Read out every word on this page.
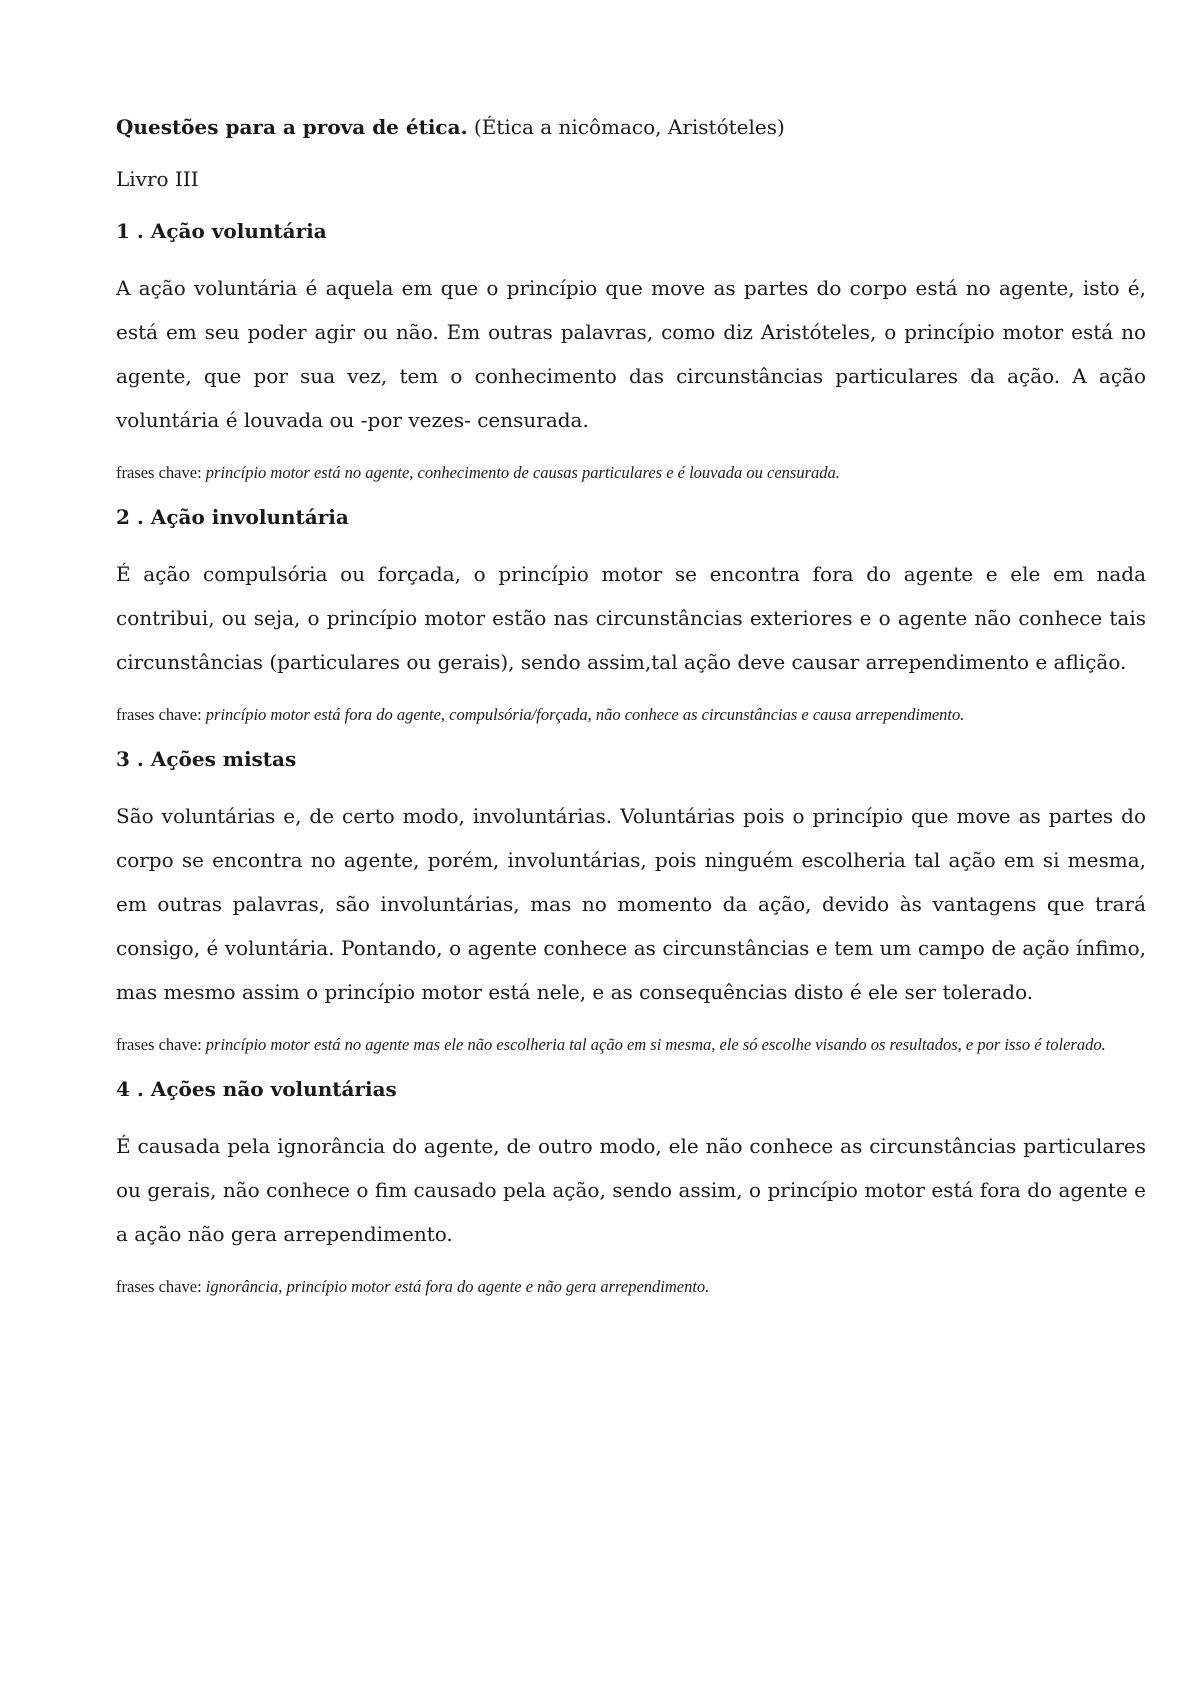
Questões para a prova de ética. (Ética a nicômaco, Aristóteles)

Livro III

1 . Ação voluntária

A ação voluntária é aquela em que o princípio que move as partes do corpo está no agente, isto é, está em seu poder agir ou não. Em outras palavras, como diz Aristóteles, o princípio motor está no agente, que por sua vez, tem o conhecimento das circunstâncias particulares da ação. A ação voluntária é louvada ou -por vezes- censurada.

frases chave: princípio motor está no agente, conhecimento de causas particulares e é louvada ou censurada.

2 . Ação involuntária

É ação compulsória ou forçada, o princípio motor se encontra fora do agente e ele em nada contribui, ou seja, o princípio motor estão nas circunstâncias exteriores e o agente não conhece tais circunstâncias (particulares ou gerais), sendo assim,tal ação deve causar arrependimento e aflição.

frases chave: princípio motor está fora do agente, compulsória/forçada, não conhece as circunstâncias e causa arrependimento.

3 . Ações mistas

São voluntárias e, de certo modo, involuntárias. Voluntárias pois o princípio que move as partes do corpo se encontra no agente, porém, involuntárias, pois ninguém escolheria tal ação em si mesma, em outras palavras, são involuntárias, mas no momento da ação, devido às vantagens que trará consigo, é voluntária. Pontando, o agente conhece as circunstâncias e tem um campo de ação ínfimo, mas mesmo assim o princípio motor está nele, e as consequências disto é ele ser tolerado.

frases chave: princípio motor está no agente mas ele não escolheria tal ação em si mesma, ele só escolhe visando os resultados, e por isso é tolerado.

4 . Ações não voluntárias

É causada pela ignorância do agente, de outro modo, ele não conhece as circunstâncias particulares ou gerais, não conhece o fim causado pela ação, sendo assim, o princípio motor está fora do agente e a ação não gera arrependimento.

frases chave: ignorância, princípio motor está fora do agente e não gera arrependimento.
